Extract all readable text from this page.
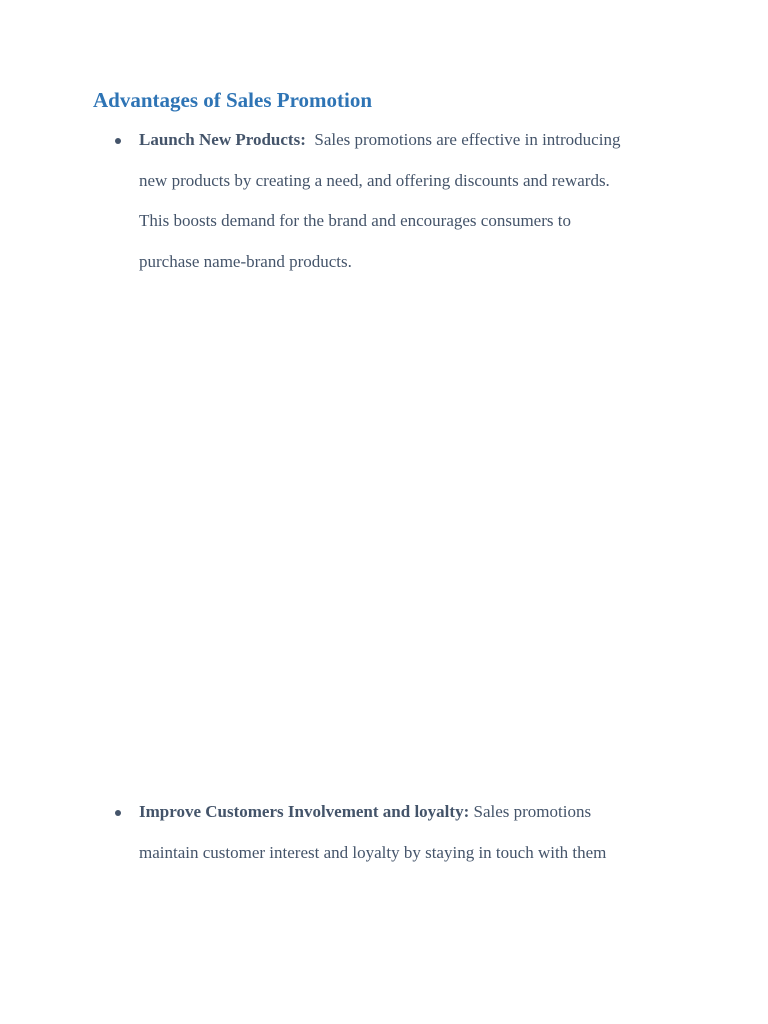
Advantages of Sales Promotion

Launch New Products: Sales promotions are effective in introducing
new products by creating a need, and offering discounts and rewards.
This boosts demand for the brand and encourages consumers to
purchase name-brand products.

Improve Customers Involvement and loyalty: Sales promotions
maintain customer interest and loyalty by staying in touch with them
